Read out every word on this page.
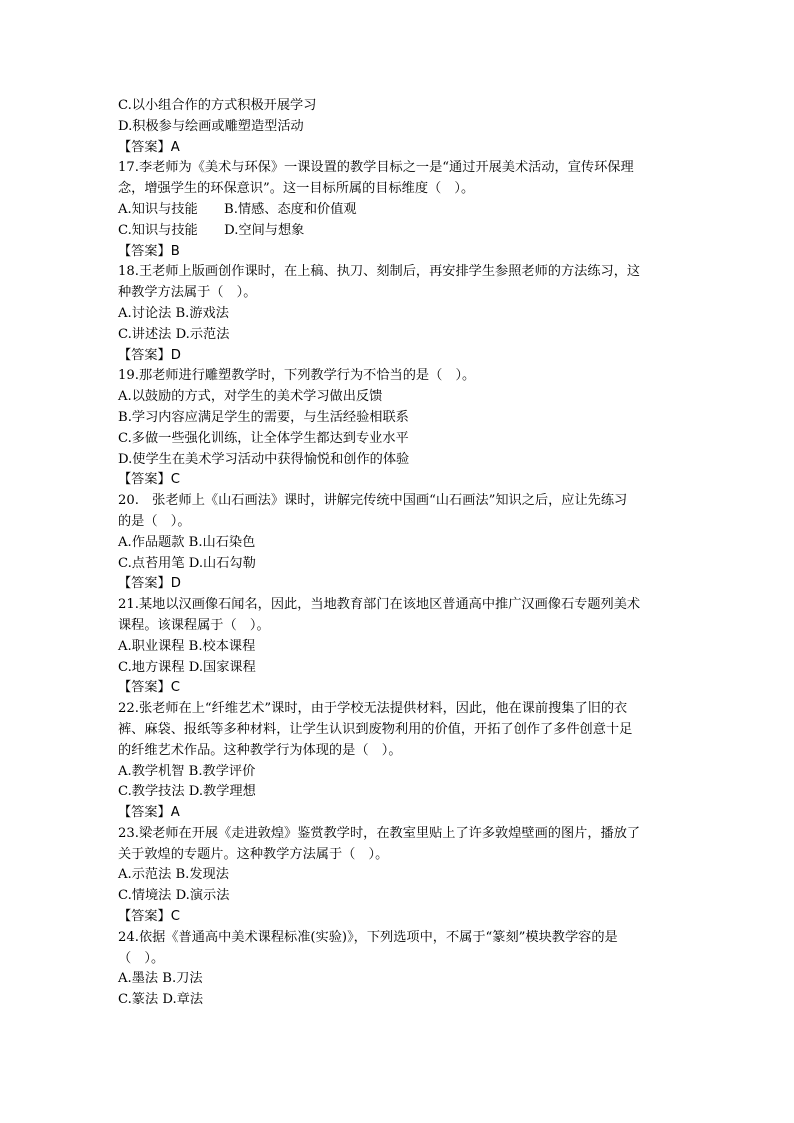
C.以小组合作的方式积极开展学习
D.积极参与绘画或雕塑造型活动
【答案】A
17.李老师为《美术与环保》一课设置的教学目标之一是“通过开展美术活动，宣传环保理
念，增强学生的环保意识”。这一目标所属的目标维度（　）。
A.知识与技能　　B.情感、态度和价值观
C.知识与技能　　D.空间与想象
【答案】B
18.王老师上版画创作课时，在上稿、执刀、刻制后，再安排学生参照老师的方法练习，这
种教学方法属于（　）。
A.讨论法 B.游戏法
C.讲述法 D.示范法
【答案】D
19.那老师进行雕塑教学时，下列教学行为不恰当的是（　）。
A.以鼓励的方式，对学生的美术学习做出反馈
B.学习内容应满足学生的需要，与生活经验相联系
C.多做一些强化训练，让全体学生都达到专业水平
D.使学生在美术学习活动中获得愉悦和创作的体验
【答案】C
20.　张老师上《山石画法》课时，讲解完传统中国画“山石画法”知识之后，应让先练习
的是（　）。
A.作品题款 B.山石染色
C.点苔用笔 D.山石勾勒
【答案】D
21.某地以汉画像石闻名，因此，当地教育部门在该地区普通高中推广汉画像石专题列美术
课程。该课程属于（　）。
A.职业课程 B.校本课程
C.地方课程 D.国家课程
【答案】C
22.张老师在上“纤维艺术”课时，由于学校无法提供材料，因此，他在课前搜集了旧的衣
裤、麻袋、报纸等多种材料，让学生认识到废物利用的价值，开拓了创作了多件创意十足
的纤维艺术作品。这种教学行为体现的是（　）。
A.教学机智 B.教学评价
C.教学技法 D.教学理想
【答案】A
23.梁老师在开展《走进敦煌》鉴赏教学时，在教室里贴上了许多敦煌壁画的图片，播放了
关于敦煌的专题片。这种教学方法属于（　）。
A.示范法 B.发现法
C.情境法 D.演示法
【答案】C
24.依据《普通高中美术课程标准(实验)》，下列选项中，不属于“篆刻”模块教学容的是
（　）。
A.墨法 B.刀法
C.篆法 D.章法
